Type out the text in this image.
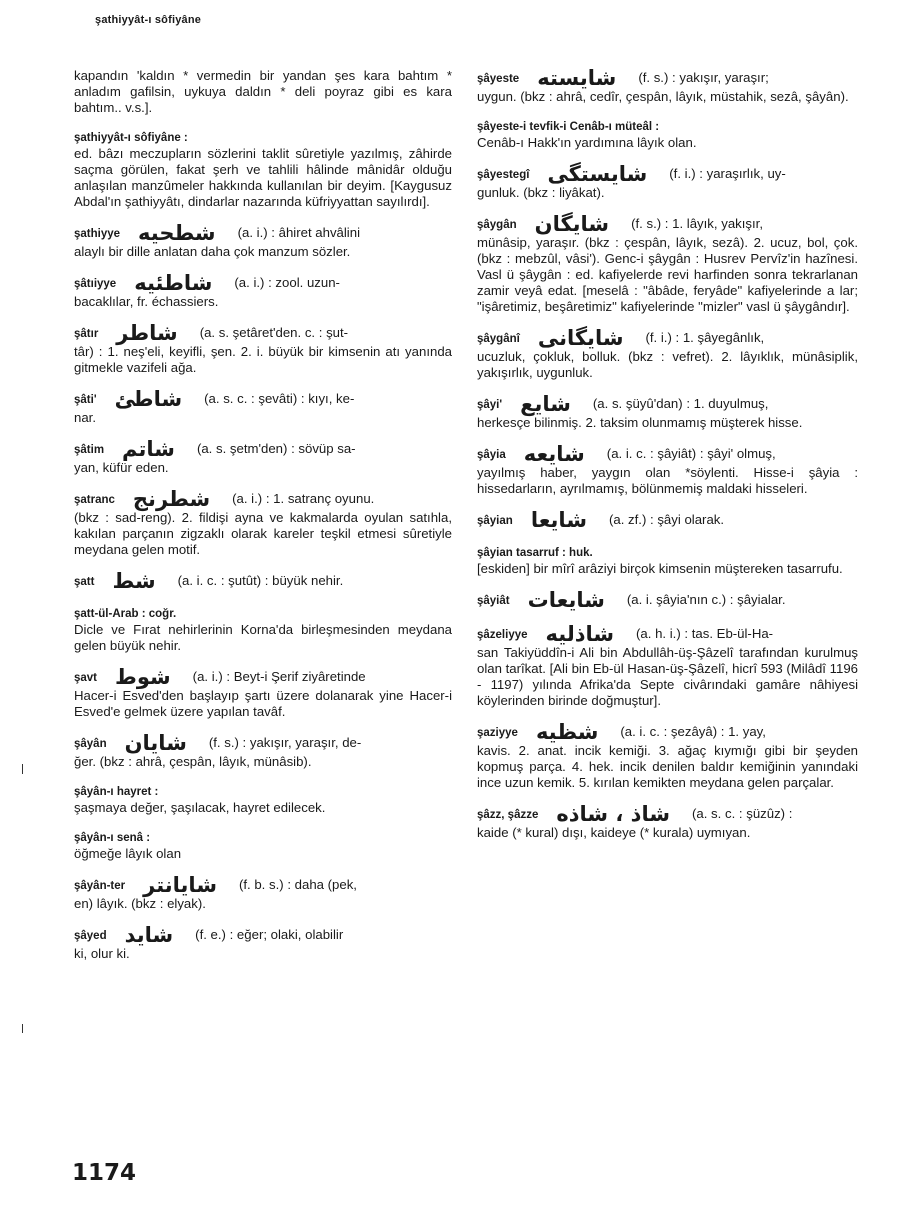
şathiyyât-ı sôfiyâne
kapandın 'kaldın * vermedin bir yandan şes kara bahtım * anladım gafilsin, uykuya daldın * deli poyraz gibi es kara bahtım.. v.s.].
şathiyyât-ı sôfiyâne :
ed. bâzı meczupların sözlerini taklit sûretiyle yazılmış, zâhirde saçma görülen, fakat şerh ve tahlili hâlinde mânidâr olduğu anlaşılan manzûmeler hakkında kullanılan bir deyim. [Kaygusuz Abdal'ın şathiyyâtı, dindarlar nazarında küfriyyattan sayılırdı].
şathiyye شطحيه (a. i.) : âhiret ahvâlini
alaylı bir dille anlatan daha çok manzum sözler.
şâtıiyye شاطئيه (a. i.) : zool. uzun-
bacaklılar, fr. échassiers.
şâtır شاطر (a. s. şetâret'den. c. : şut-
târ) : 1. neş'eli, keyifli, şen. 2. i. büyük bir kimsenin atı yanında gitmekle vazifeli ağa.
şâti' شاطئ (a. s. c. : şevâti) : kıyı, ke-
nar.
şâtim شاتم (a. s. şetm'den) : sövüp sa-
yan, küfür eden.
şatranc شطرنج (a. i.) : 1. satranç oyunu.
(bkz : sad-reng). 2. fildişi ayna ve kakmalarda oyulan satıhla, kakılan parçanın zigzaklı olarak kareler teşkil etmesi sûretiyle meydana gelen motif.
şatt شط (a. i. c. : şutût) : büyük nehir.
şatt-ül-Arab : coğr.
Dicle ve Fırat nehirlerinin Korna'da birleşmesinden meydana gelen büyük nehir.
şavt شوط (a. i.) : Beyt-i Şerif ziyâretinde
Hacer-i Esved'den başlayıp şartı üzere dolanarak yine Hacer-i Esved'e gelmek üzere yapılan tavâf.
şâyân شايان (f. s.) : yakışır, yaraşır, de-
ğer. (bkz : ahrâ, çespân, lâyık, münâsib).
şâyân-ı hayret :
şaşmaya değer, şaşılacak, hayret edilecek.
şâyân-ı senâ :
öğmeğe lâyık olan
şâyân-ter شايانتر (f. b. s.) : daha (pek,
en) lâyık. (bkz : elyak).
şâyed شايد (f. e.) : eğer; olaki, olabilir
ki, olur ki.
şâyeste شايسته (f. s.) : yakışır, yaraşır;
uygun. (bkz : ahrâ, cedîr, çespân, lâyık, müstahik, sezâ, şâyân).
şâyeste-i tevfik-i Cenâb-ı müteâl :
Cenâb-ı Hakk'ın yardımına lâyık olan.
şâyestegî شايستگى (f. i.) : yaraşırlık, uy-
gunluk. (bkz : liyâkat).
şâygân شايگان (f. s.) : 1. lâyık, yakışır,
münâsip, yaraşır. (bkz : çespân, lâyık, sezâ). 2. ucuz, bol, çok. (bkz : mebzûl, vâsi'). Genc-i şâygân : Husrev Pervîz'in hazînesi. Vasl ü şâygân : ed. kafiyelerde revi harfinden sonra tekrarlanan zamir veyâ edat. [meselâ : "âbâde, feryâde" kafiyelerinde a lar; "işâretimiz, beşâretimiz" kafiyelerinde "mizler" vasl ü şâygândır].
şâygânî شايگانى (f. i.) : 1. şâyegânlık,
ucuzluk, çokluk, bolluk. (bkz : vefret). 2. lâyıklık, münâsiplik, yakışırlık, uygunluk.
şâyi' شايع (a. s. şüyû'dan) : 1. duyulmuş,
herkesçe bilinmiş. 2. taksim olunmamış müşterek hisse.
şâyia شايعه (a. i. c. : şâyiât) : şâyi' olmuş,
yayılmış haber, yaygın olan *söylenti. Hisse-i şâyia : hissedarların, ayrılmamış, bölünmemiş maldaki hisseleri.
şâyian شايعا (a. zf.) : şâyi olarak.
şâyian tasarruf : huk.
[eskiden] bir mîrî arâziyi birçok kimsenin müştereken tasarrufu.
şâyiât شايعات (a. i. şâyia'nın c.) : şâyialar.
şâzeliyye شاذليه (a. h. i.) : tas. Eb-ül-Ha-
san Takiyüddîn-i Ali bin Abdullâh-üş-Şâzelî tarafından kurulmuş olan tarîkat. [Ali bin Eb-ül Hasan-üş-Şâzelî, hicrî 593 (Milâdî 1196 - 1197) yılında Afrika'da Septe civârındaki gamâre nâhiyesi köylerinden birinde doğmuştur].
şaziyye شظيه (a. i. c. : şezâyâ) : 1. yay,
kavis. 2. anat. incik kemiği. 3. ağaç kıymığı gibi bir şeyden kopmuş parça. 4. hek. incik denilen baldır kemiğinin yanındaki ince uzun kemik. 5. kırılan kemikten meydana gelen parçalar.
şâzz, şâzze شاذ ، شاذه (a. s. c. : şüzûz) :
kaide (* kural) dışı, kaideye (* kurala) uymıyan.
1174
